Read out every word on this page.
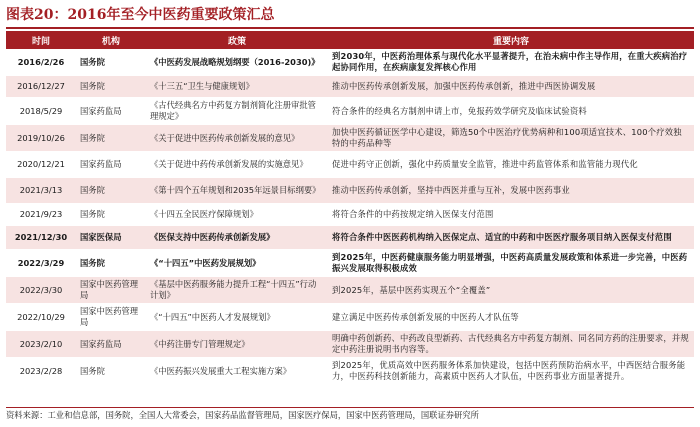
图表20：2016年至今中医药重要政策汇总
时间	机构	政策	重要内容
2016/2/26	国务院	《中医药发展战略规划纲要（2016-2030)》	到2030年，中医药治理体系与现代化水平显著提升，在治未病中作主导作用，在重大疾病治疗起协同作用，在疾病康复发挥核心作用
2016/12/27	国务院	《十三五“卫生与健康规划》	推动中医药传承创新发展，加强中医药传承创新，推进中西医协调发展
2018/5/29	国家药监局	《古代经典名方中药复方制剂简化注册审批管理规定》	符合条件的经典名方制剂申请上市，免报药效学研究及临床试验资料
2019/10/26	国务院	《关于促进中医药传承创新发展的意见》	加快中医药循证医学中心建设，筛选50个中医治疗优势病种和100项适宜技术、100个疗效独特的中药品种等
2020/12/21	国家药监局	《关于促进中药传承创新发展的实施意见》	促进中药守正创新，强化中药质量安全监管，推进中药监管体系和监管能力现代化
2021/3/13	国务院	《第十四个五年规划和2035年远景目标纲要》	推动中医药传承创新，坚持中西医并重与互补，发展中医药事业
2021/9/23	国务院	《十四五全民医疗保障规划》	将符合条件的中药按规定纳入医保支付范围
2021/12/30	国家医保局	《医保支持中医药传承创新发展》	将符合条件中医医药机构纳入医保定点、适宜的中药和中医医疗服务项目纳入医保支付范围
2022/3/29	国务院	《“十四五”中医药发展规划》	到2025年，中医药健康服务能力明显增强，中医药高质量发展政策和体系进一步完善，中医药振兴发展取得积极成效
2022/3/30	国家中医药管理局	《基层中医药服务能力提升工程“十四五”行动计划》	到2025年，基层中医药实现五个“全覆盖”
2022/10/29	国家中医药管理局	《“十四五”中医药人才发展规划》	建立满足中医药传承创新发展的中医药人才队伍等
2023/2/10	国家药监局	《中药注册专门管理规定》	明确中药创新药、中药改良型新药、古代经典名方中药复方制剂、同名同方药的注册要求，并规定中药注册说明书内容等。
2023/2/28	国务院	《中医药振兴发展重大工程实施方案》	到2025年，优质高效中医药服务体系加快建设，包括中医药预防治病水平，中西医结合服务能力，中医药科技创新能力，高素质中医药人才队伍，中医药事业方面显著提升。
资料来源：工业和信息部，国务院，全国人大常委会，国家药品监督管理局，国家医疗保局，国家中医药管理局，国联证券研究所
